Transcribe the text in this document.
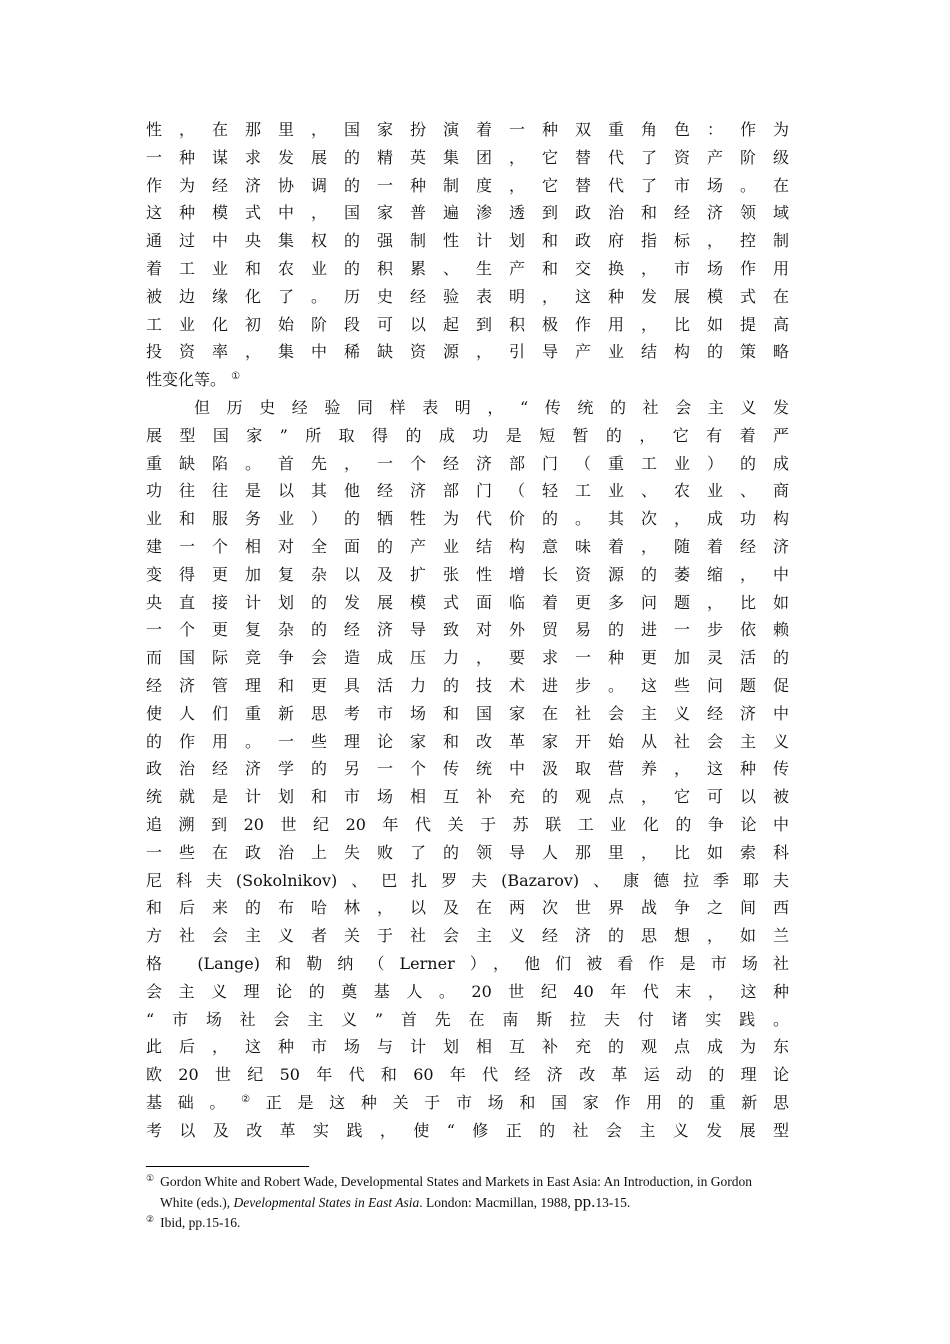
性，在那里，国家扮演着一种双重角色：作为
一种谋求发展的精英集团，它替代了资产阶级
作为经济协调的一种制度，它替代了市场。在
这种模式中，国家普遍渗透到政治和经济领域
通过中央集权的强制性计划和政府指标，控制
着工业和农业的积累、生产和交换，市场作用
被边缘化了。历史经验表明，这种发展模式在
工业化初始阶段可以起到积极作用，比如提高
投资率，集中稀缺资源，引导产业结构的策略
性变化等。 ①
但历史经验同样表明，“传统的社会主义发
展型国家”所取得的成功是短暂的，它有着严
重缺陷。首先，一个经济部门（重工业）的成
功往往是以其他经济部门（轻工业、农业、商
业和服务业）的牺牲为代价的。其次，成功构
建一个相对全面的产业结构意味着，随着经济
变得更加复杂以及扩张性增长资源的萎缩，中
央直接计划的发展模式面临着更多问题，比如
一个更复杂的经济导致对外贸易的进一步依赖
而国际竞争会造成压力，要求一种更加灵活的
经济管理和更具活力的技术进步。这些问题促
使人们重新思考市场和国家在社会主义经济中
的作用。一些理论家和改革家开始从社会主义
政治经济学的另一个传统中汲取营养，这种传
统就是计划和市场相互补充的观点，它可以被
追溯到20世纪20年代关于苏联工业化的争论中
一些在政治上失败了的领导人那里，比如索科
尼科夫(Sokolnikov)、巴扎罗夫(Bazarov)、康德拉季耶夫
和后来的布哈林，以及在两次世界战争之间西
方社会主义者关于社会主义经济的思想，如兰
格 (Lange)和勒纳（Lerner），他们被看作是市场社
会主义理论的奠基人。20世纪40年代末，这种
“市场社会主义”首先在南斯拉夫付诸实践。
此后，这种市场与计划相互补充的观点成为东
欧20世纪50年代和60年代经济改革运动的理论
基础。②正是这种关于市场和国家作用的重新思
考以及改革实践，使“修正的社会主义发展型
① Gordon White and Robert Wade, Developmental States and Markets in East Asia: An Introduction, in Gordon
White (eds.), Developmental States in East Asia. London: Macmillan, 1988, pp.13-15.
② Ibid, pp.15-16.
